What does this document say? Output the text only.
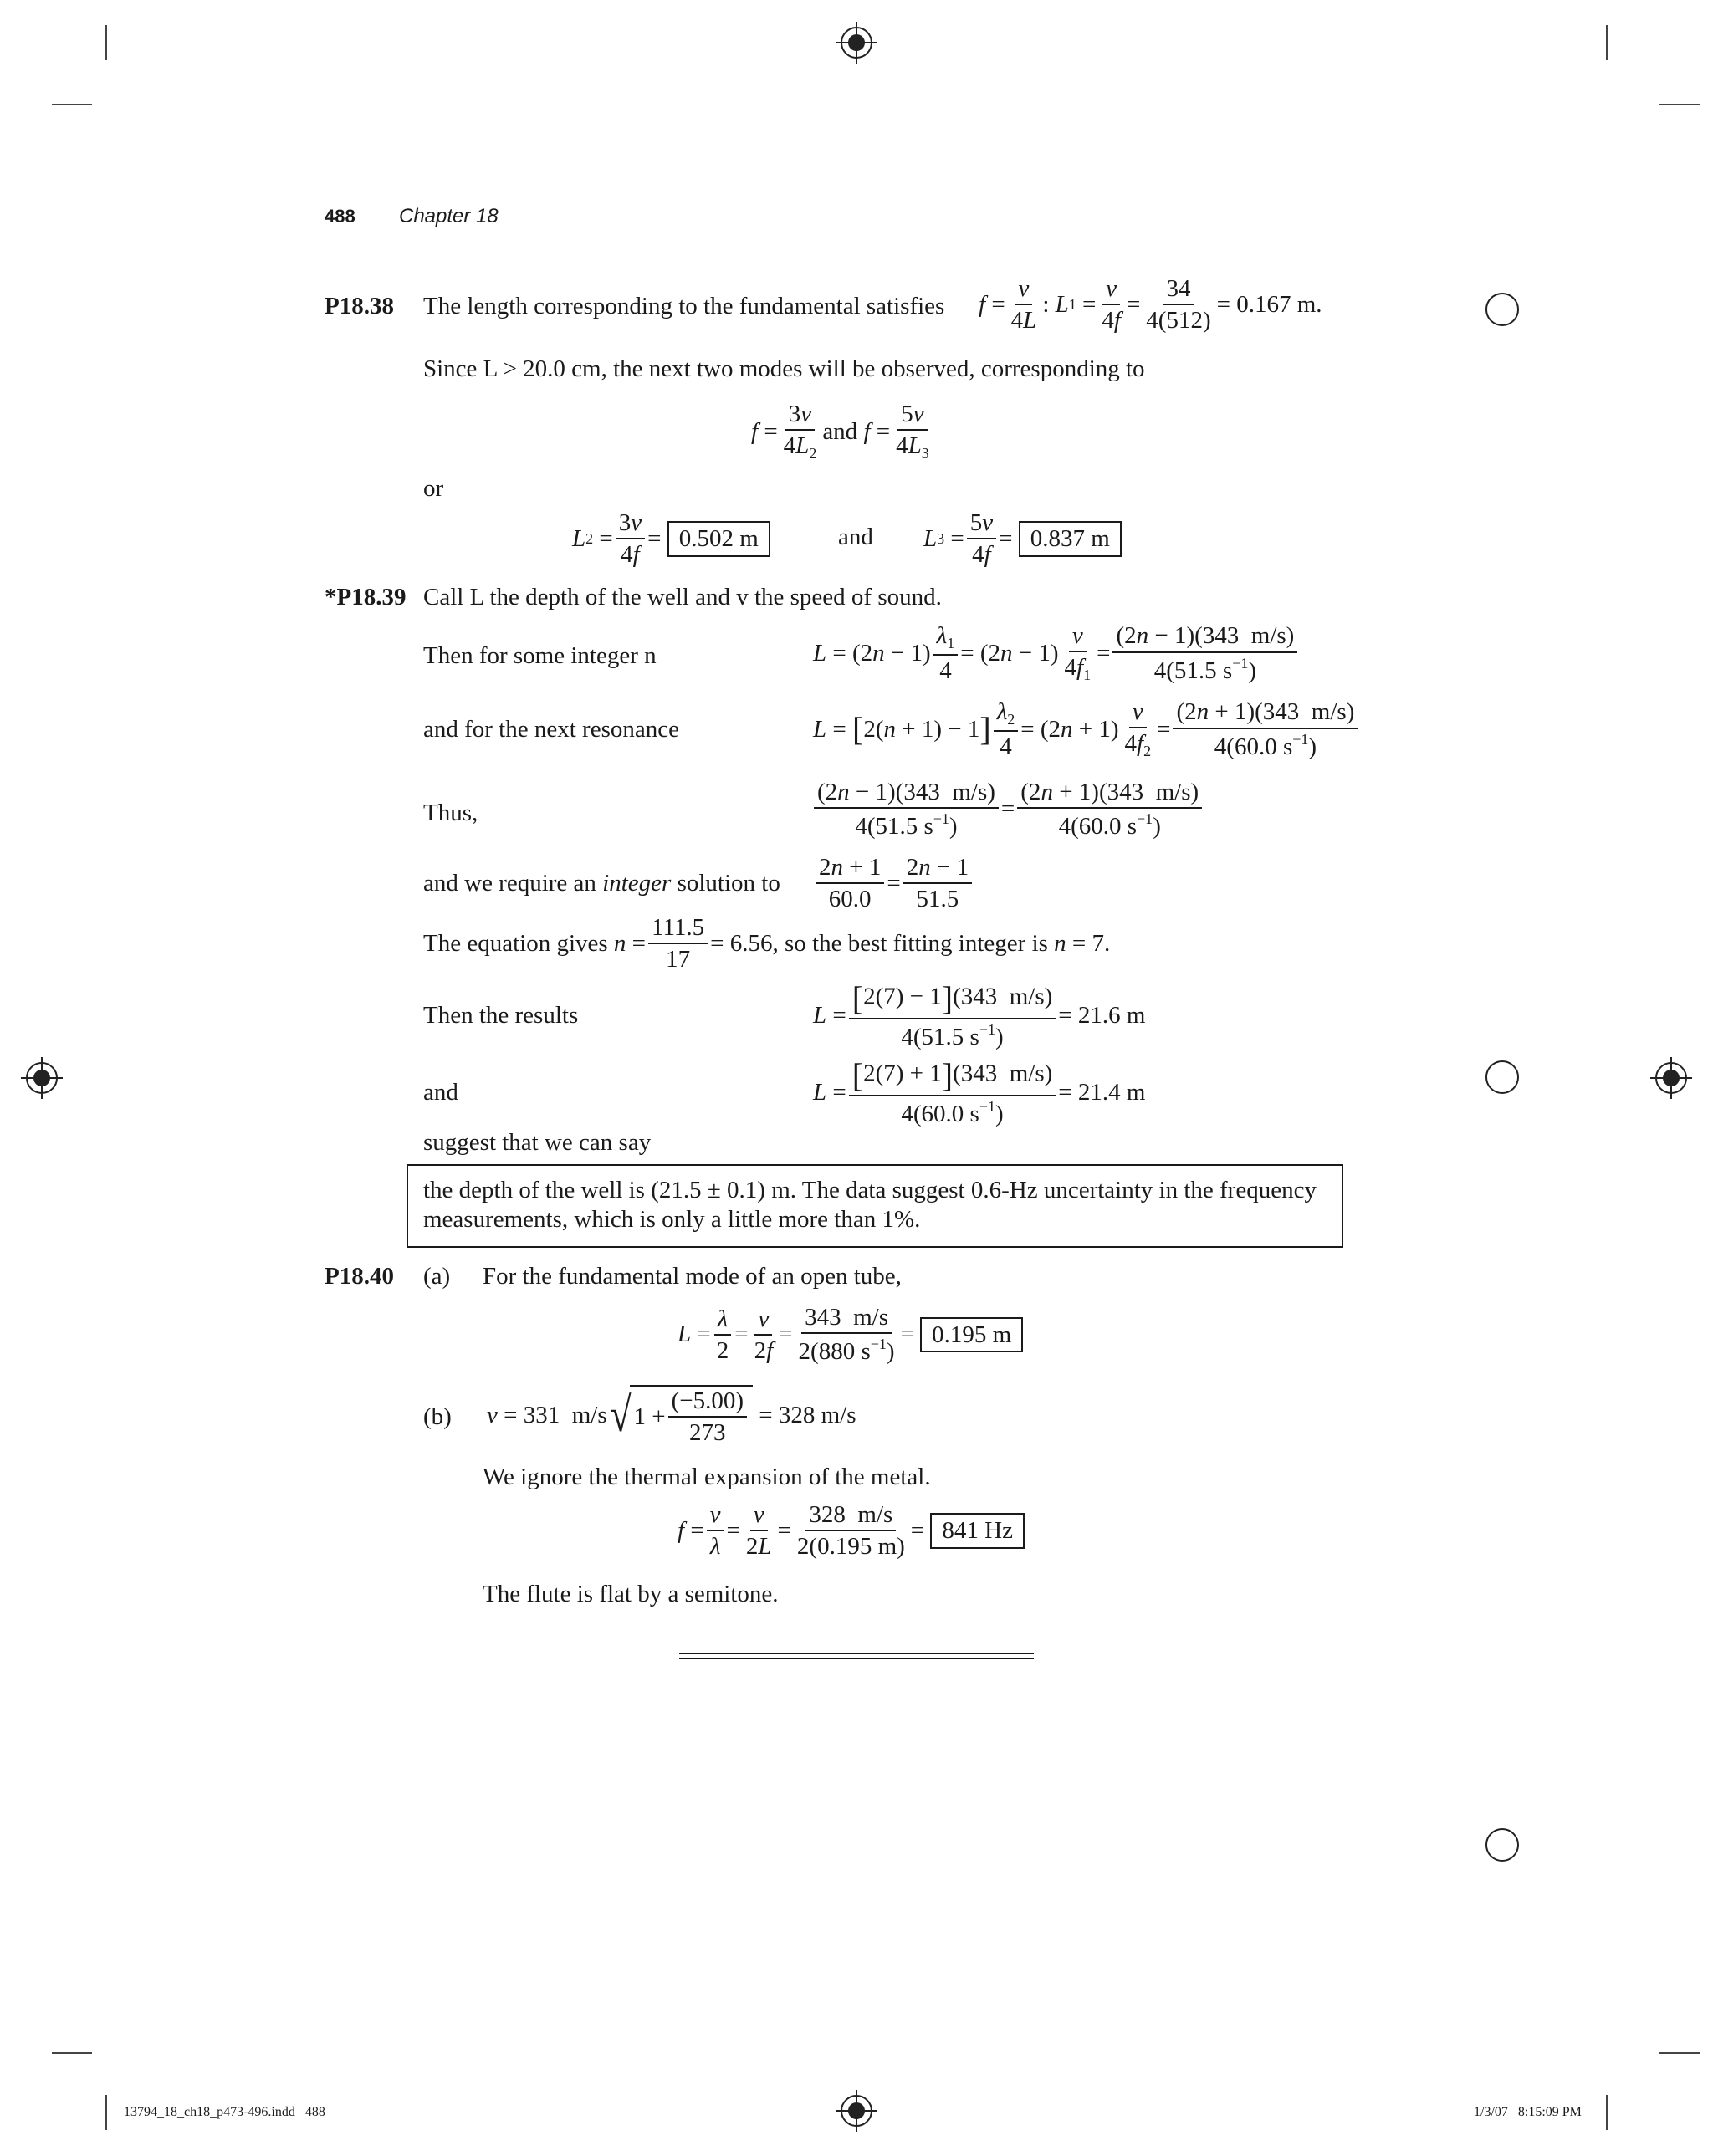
488 Chapter 18
P18.38 The length corresponding to the fundamental satisfies $f = \frac{v}{4L}$ : L $1 = \frac{v}{4f} = \frac{34}{4(512)} = 0.167$ m.
Since L > 20.0 cm, the next two modes will be observed, corresponding to
$f = \frac{3v}{4L_2}$ and
$f = \frac{5v}{4L_3}$
or
L $2 = \frac{3v}{4f} = 0.502$ m	and L $3 = \frac{5v}{4f} = 0.837$ m
*P18.39 Call L the depth of the well and v the speed of sound.
Then for some integer n	L = (2 $n - 1) \frac{\lambda_1}{4} = (2$ $n - 1) \frac{v}{4f_1} = \frac{(2n - 1)(343 m/s)}{4(51.5 s^{-1})}$
and for the next resonance	L = [ 2( n + 1) − 1 ] $\frac{\lambda_2}{4} = (2$ $n + 1) \frac{v}{4f_2} = \frac{(2n + 1)(343 m/s)}{4(60.0 s^{-1})}$
Thus,	$\frac{(2n - 1)(343 m/s)}{4(51.5 s^{-1})} = \frac{(2n + 1)(343 m/s)}{4(60.0 s^{-1})}$
and we require an integer solution to $\frac{2n + 1}{60.0} = \frac{2n - 1}{51.5}$
The equation gives $n = \frac{111.5}{17} = 6.56$, so the best fitting integer is n = 7.
Then the results	$L = \frac{[2(7) - 1](343 m/s)}{4(51.5 s^{-1})} = 21.6$ m
and	$L = \frac{[2(7) + 1](343 m/s)}{4(60.0 s^{-1})} = 21.4$ m
suggest that we can say
the depth of the well is (21.5 ± 0.1) m. The data suggest 0.6-Hz uncertainty in the frequency measurements, which is only a little more than 1%.
P18.40 (a) For the fundamental mode of an open tube,
$L = \frac{\lambda}{2} = \frac{v}{2f} = \frac{343 m/s}{2(880 s^{-1})} = 0.195$ m
(b) v = 331  m/s √ $1 + \frac{(-5.00)}{273}$
= 328 m/s
We ignore the thermal expansion of the metal.
$f = \frac{v}{\lambda} = \frac{v}{2L} = \frac{328 m/s}{2(0.195 m)} = 841$ Hz
The flute is flat by a semitone.
13794_18_ch18_p473-496.indd   488	1/3/07   8:15:09 PM
